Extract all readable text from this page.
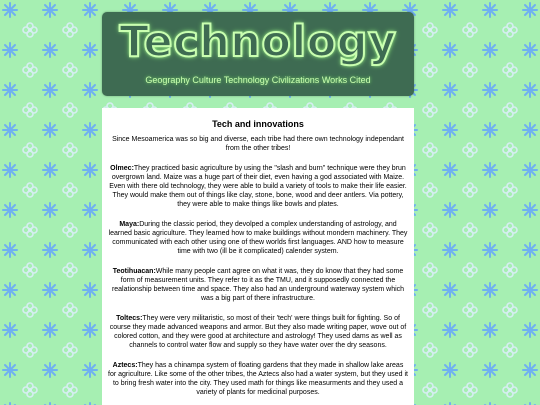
Technology
Geography Culture Technology Civilizations Works Cited
Tech and innovations

Since Mesoamerica was so big and diverse, each tribe had there own technology independant from the other tribes!

Olmec:They practiced basic agriculture by using the "slash and burn" technique were they brun overgrown land. Maize was a huge part of their diet, even having a god associated with Maize. Even with there old technology, they were able to build a variety of tools to make their life easier. They would make them out of things like clay, stone, bone, wood and deer antlers. Via pottery, they were able to make things like bowls and plates.

Maya:During the classic period, they devolped a complex understanding of astrology, and learned basic agriculture. They learned how to make buildings without mondern machinery. They communicated with each other using one of thew worlds first languages. AND how to measure time with two (ill be it complicated) calender system.

Teotihuacan:While many people cant agree on what it was, they do know that they had some form of measurement units. They refer to it as the TMU, and it supposedly connected the realationship between time and space. They also had an underground waterway system which was a big part of there infrastructure.

Toltecs:They were very militaristic, so most of their 'tech' were things built for fighting. So of course they made advanced weapons and armor. But they also made writing paper, wove out of colored cotton, and they were good at architecture and astrology! They used dams as well as channels to control water flow and supply so they have water over the dry seasons.

Aztecs:They has a chinampa system of floating gardens that they made in shallow lake areas for agriculture. Like some of the other tribes, the Aztecs also had a water system, but they used it to bring fresh water into the city. They used math for things like measurments and they used a variety of plants for medicinal purposes.
